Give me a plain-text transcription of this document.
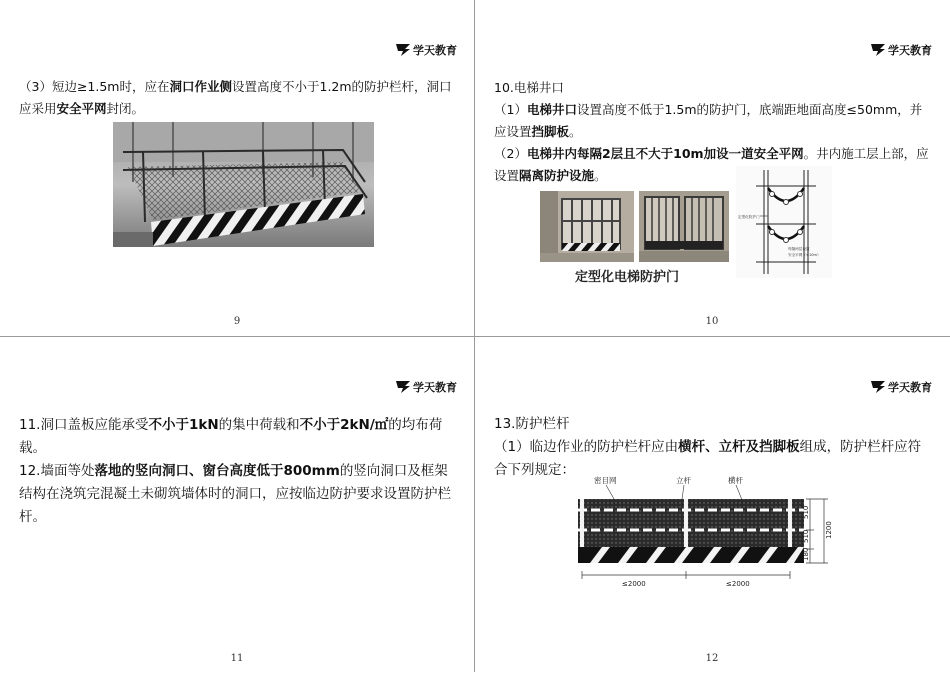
学天教育

（3）短边≥1.5m时，应在洞口作业侧设置高度不小于1.2m的防护栏杆，洞口应采用安全平网封闭。

9
学天教育

10.电梯井口

（1）电梯井口设置高度不低于1.5m的防护门，底端距地面高度≤50mm，并应设置挡脚板。

（2）电梯井内每隔2层且不大于10m加设一道安全平网。井内施工层上部，应设置隔离防护设施。

定型化电梯防护门
定型化防护门
每隔两层设置
安全平网（≤10m）
10
学天教育

11.洞口盖板应能承受不小于1kN的集中荷载和不小于2kN/㎡的均布荷载。

12.墙面等处落地的竖向洞口、窗台高度低于800mm的竖向洞口及框架结构在浇筑完混凝土未砌筑墙体时的洞口，应按临边防护要求设置防护栏杆。

11
学天教育

13.防护栏杆

（1）临边作业的防护栏杆应由横杆、立杆及挡脚板组成，防护栏杆应符合下列规定：

密目网	立杆	横杆
510
510
180
1200
≤2000	≤2000
12
